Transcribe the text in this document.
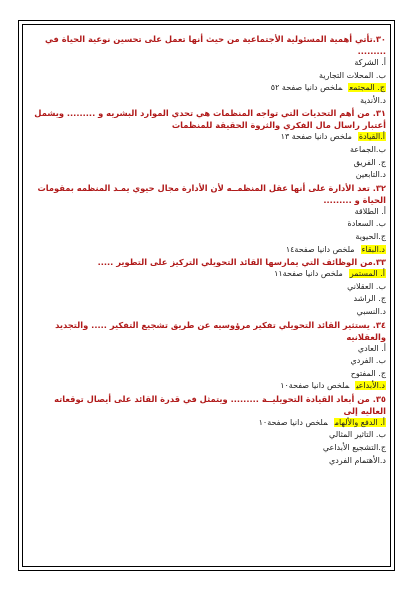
٣٠.تأتي أهمية المسئولية الأجتماعية من حيث أنها تعمل على تحسين نوعية الحياة في .........

أ. الشركة

ب. المحلات التجارية

ج. المجتمعملخص دانيا صفحة ٥٢

د.الأندية

٣١. من أهم التحديات التي تواجه المنظمات هي تحدي الموارد البشريه و ......... ويشمل أعتبار راسال مال الفكري والثروة الحقيقة للمنظمات

أ.القيادةملخص دانيا صفحة ١٣

ب.الجماعة

ج. الفريق

د.التابعين

٣٢. تعد الأدارة على أنها عقل المنظمــه لأن الأدارة مجال حيوي يمـد المنظمه بمقومات الحياة و .........

أ. الطلاقة

ب. السعادة

ج.الحيوية

د.البقاءملخص دانيا صفحة١٤

٣٣.من الوظائف التي يمارسها القائد التحويلي التركيز على التطوير .....

أ. المستمرملخص دانيا صفحة١١

ب. العقلاني

ج. الراشد

د.النسبي

٣٤. يستثير القائد التحويلي تفكير مرؤوسيه عن طريق تشجيع التفكير ..... والتجديد والعقلانيه

أ. العادي

ب. الفردي

ج. المفتوح

د.الأبداعيملخص دانيا صفحة١٠

٣٥. من أبعاد القيادة التحويليــة ......... ويتمثل في قدرة القائد على أيصال توقعاته العاليه إلى

أ. الدفع والألهامملخص دانيا صفحة١٠

ب. التاثير المثالي

ج.التشجيع الأبداعي

د.الأهتمام الفردي
